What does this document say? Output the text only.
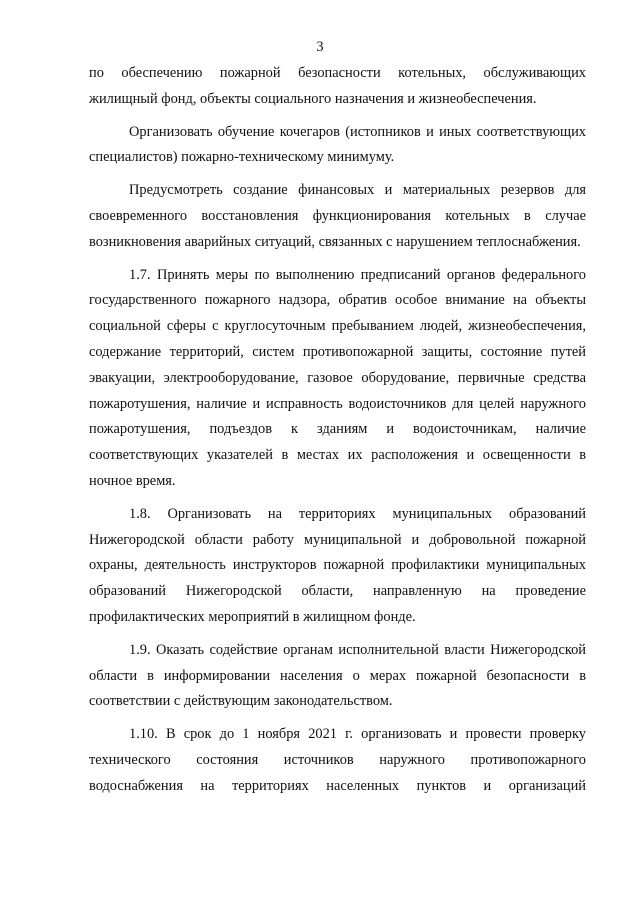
3

по обеспечению пожарной безопасности котельных, обслуживающих жилищный фонд, объекты социального назначения и жизнеобеспечения.

Организовать обучение кочегаров (истопников и иных соответствующих специалистов) пожарно-техническому минимуму.

Предусмотреть создание финансовых и материальных резервов для своевременного восстановления функционирования котельных в случае возникновения аварийных ситуаций, связанных с нарушением теплоснабжения.

1.7. Принять меры по выполнению предписаний органов федерального государственного пожарного надзора, обратив особое внимание на объекты социальной сферы с круглосуточным пребыванием людей, жизнеобеспечения, содержание территорий, систем противопожарной защиты, состояние путей эвакуации, электрооборудование, газовое оборудование, первичные средства пожаротушения, наличие и исправность водоисточников для целей наружного пожаротушения, подъездов к зданиям и водоисточникам, наличие соответствующих указателей в местах их расположения и освещенности в ночное время.

1.8. Организовать на территориях муниципальных образований Нижегородской области работу муниципальной и добровольной пожарной охраны, деятельность инструкторов пожарной профилактики муниципальных образований Нижегородской области, направленную на проведение профилактических мероприятий в жилищном фонде.

1.9. Оказать содействие органам исполнительной власти Нижегородской области в информировании населения о мерах пожарной безопасности в соответствии с действующим законодательством.

1.10. В срок до 1 ноября 2021 г. организовать и провести проверку технического состояния источников наружного противопожарного водоснабжения на территориях населенных пунктов и организаций
